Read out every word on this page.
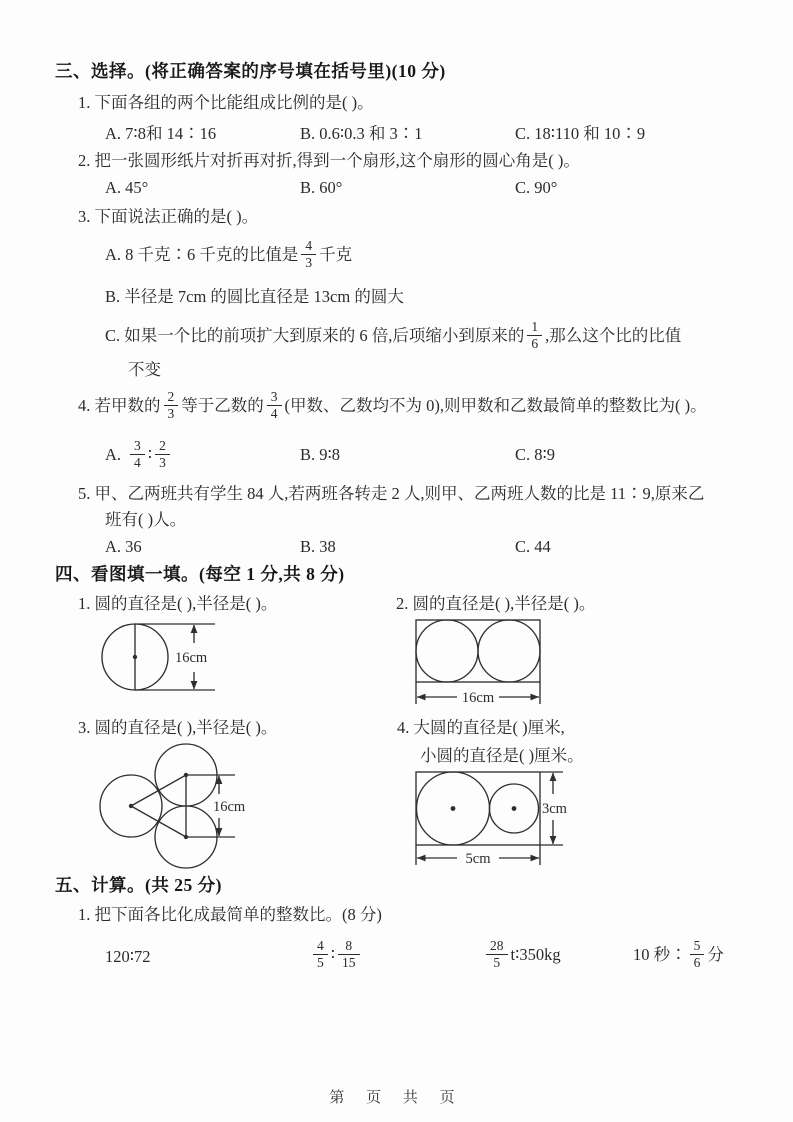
三、选择。(将正确答案的序号填在括号里)(10 分)
1. 下面各组的两个比能组成比例的是( )。
A. 7∶8和 14∶16	B. 0.6∶0.3 和 3∶1	C. 18∶110 和 10∶9
2. 把一张圆形纸片对折再对折,得到一个扇形,这个扇形的圆心角是( )。
A. 45°	B. 60°	C. 90°
3. 下面说法正确的是( )。
A. 8 千克∶6 千克的比值是 $\frac{4}{3}$ 千克
B. 半径是 7cm 的圆比直径是 13cm 的圆大
C. 如果一个比的前项扩大到原来的 6 倍,后项缩小到原来的 $\frac{1}{6}$ ,那么这个比的比值
不变
4. 若甲数的 $\frac{2}{3}$ 等于乙数的 $\frac{3}{4}$ (甲数、乙数均不为 0),则甲数和乙数最简单的整数比为( )。
A. $\frac{3}{4}$ ∶ $\frac{2}{3}$	B. 9∶8	C. 8∶9
5. 甲、乙两班共有学生 84 人,若两班各转走 2 人,则甲、乙两班人数的比是 11∶9,原来乙
班有( )人。
A. 36	B. 38	C. 44
四、看图填一填。(每空 1 分,共 8 分)
1. 圆的直径是( ),半径是( )。	2. 圆的直径是( ),半径是( )。
16cm
16cm
3. 圆的直径是( ),半径是( )。	4. 大圆的直径是( )厘米,
小圆的直径是( )厘米。
16cm	3cm
5cm
五、计算。(共 25 分)
1. 把下面各比化成最简单的整数比。(8 分)
120∶72	$\frac{4}{5}$ ∶ $\frac{8}{15}$	$\frac{28}{5}$ t∶350kg	10 秒∶ $\frac{5}{6}$ 分
第 页 共 页
